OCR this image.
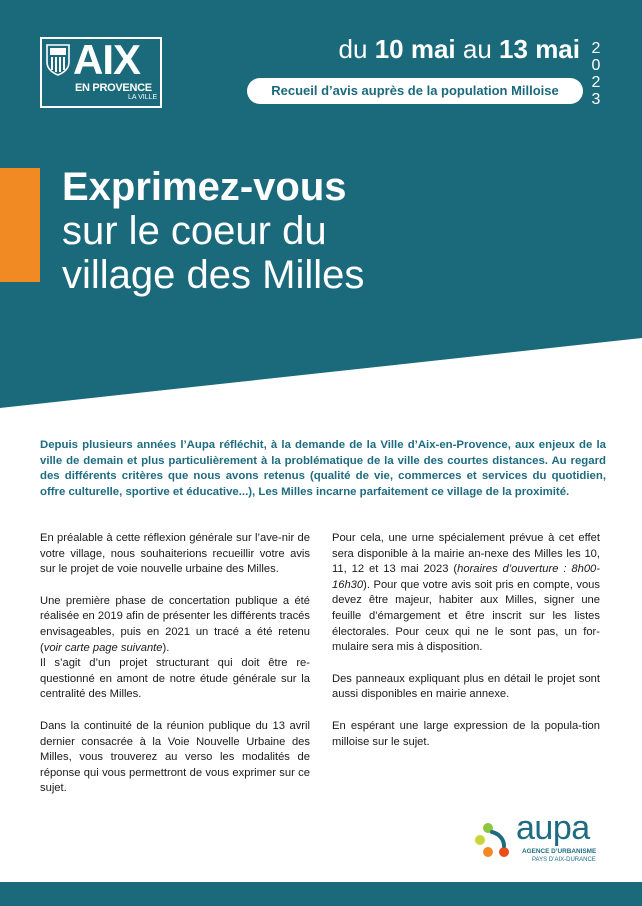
AIX
EN PROVENCE
LA VILLE
du 10 mai au 13 mai 2
0
2
3
Recueil d’avis auprès de la population Milloise
Exprimez-vous
sur le coeur du
village des Milles
Depuis plusieurs années l’Aupa réfléchit, à la demande de la Ville d’Aix-en-Provence, aux enjeux de la ville de demain et plus particulièrement à la problématique de la ville des courtes distances. Au regard des différents critères que nous avons retenus (qualité de vie, commerces et services du quotidien, offre culturelle, sportive et éducative...), Les Milles incarne parfaitement ce village de la proximité.

En préalable à cette réflexion générale sur l’ave-nir de votre village, nous souhaiterions recueillir votre avis sur le projet de voie nouvelle urbaine des Milles.

Une première phase de concertation publique a été réalisée en 2019 afin de présenter les différents tracés envisageables, puis en 2021 un tracé a été retenu (voir carte page suivante).

Il s’agit d’un projet structurant qui doit être re-questionné en amont de notre étude générale sur la centralité des Milles.

Dans la continuité de la réunion publique du 13 avril dernier consacrée à la Voie Nouvelle Urbaine des Milles, vous trouverez au verso les modalités de réponse qui vous permettront de vous exprimer sur ce sujet.

Pour cela, une urne spécialement prévue à cet effet sera disponible à la mairie an-nexe des Milles les 10, 11, 12 et 13 mai 2023 (horaires d’ouverture : 8h00-16h30). Pour que votre avis soit pris en compte, vous devez être majeur, habiter aux Milles, signer une feuille d’émargement et être inscrit sur les listes électorales. Pour ceux qui ne le sont pas, un for-mulaire sera mis à disposition.

Des panneaux expliquant plus en détail le projet sont aussi disponibles en mairie annexe.

En espérant une large expression de la popula-tion milloise sur le sujet.

aupa
AGENCE D’URBANISME
PAYS D’AIX-DURANCE
